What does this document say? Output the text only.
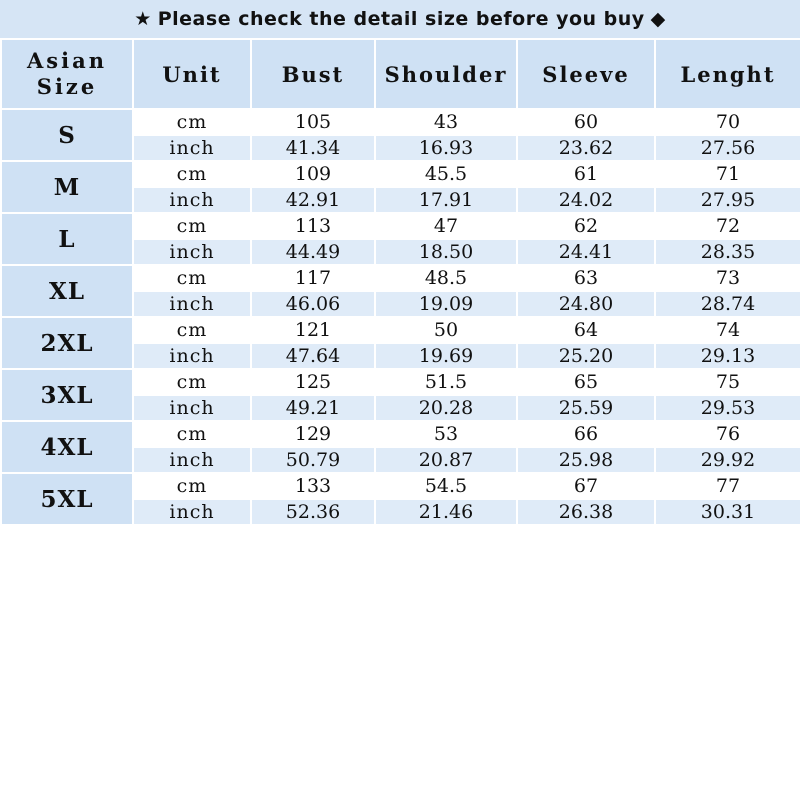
★ Please check the detail size before you buy ◆
Asian
Size	Unit	Bust	Shoulder	Sleeve	Lenght
S	cm	105	43	60	70
	inch	41.34	16.93	23.62	27.56
M	cm	109	45.5	61	71
	inch	42.91	17.91	24.02	27.95
L	cm	113	47	62	72
	inch	44.49	18.50	24.41	28.35
XL	cm	117	48.5	63	73
	inch	46.06	19.09	24.80	28.74
2XL	cm	121	50	64	74
	inch	47.64	19.69	25.20	29.13
3XL	cm	125	51.5	65	75
	inch	49.21	20.28	25.59	29.53
4XL	cm	129	53	66	76
	inch	50.79	20.87	25.98	29.92
5XL	cm	133	54.5	67	77
	inch	52.36	21.46	26.38	30.31
